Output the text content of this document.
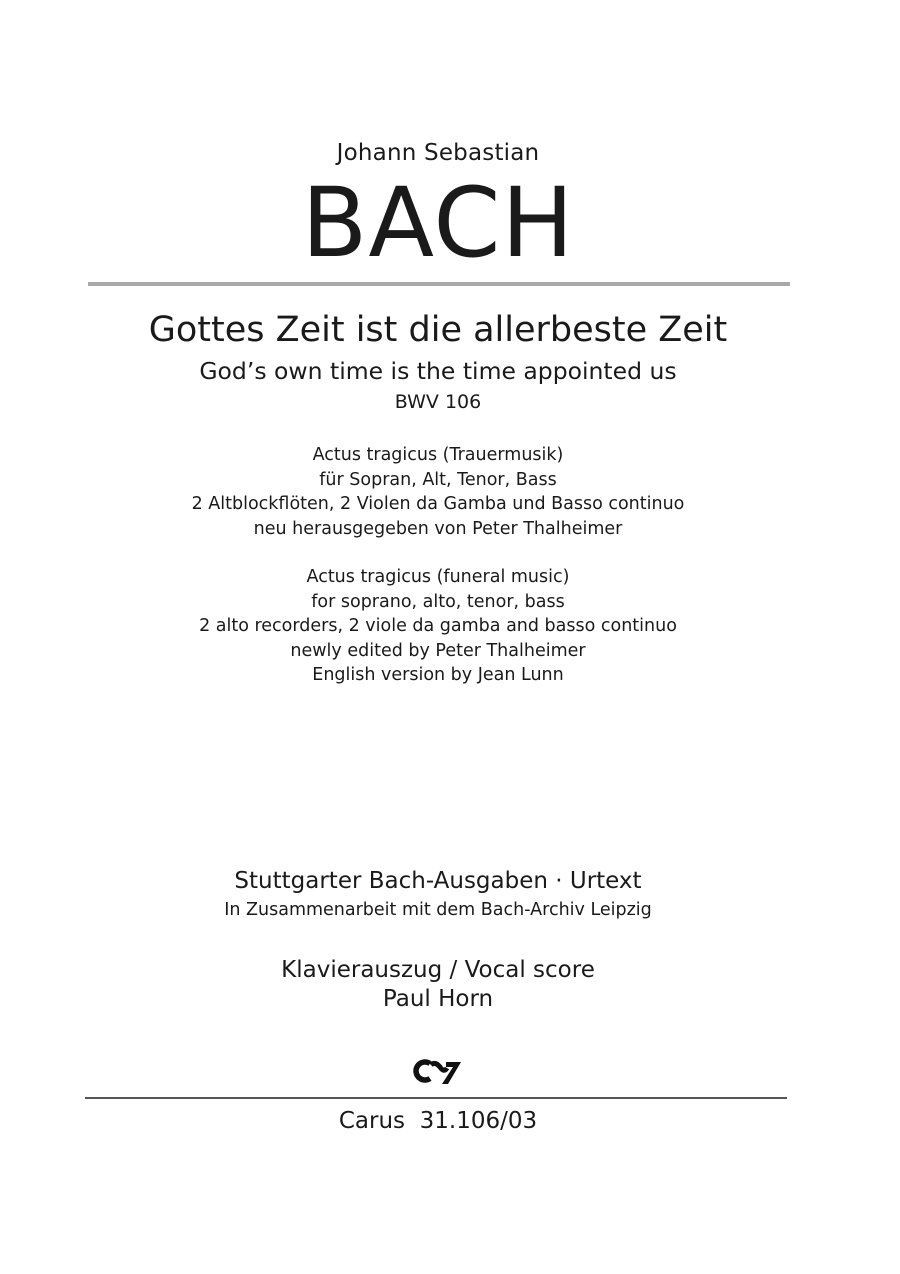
Johann Sebastian
BACH
Gottes Zeit ist die allerbeste Zeit
God’s own time is the time appointed us
BWV 106
Actus tragicus (Trauermusik)
für Sopran, Alt, Tenor, Bass
2 Altblockflöten, 2 Violen da Gamba und Basso continuo
neu herausgegeben von Peter Thalheimer
Actus tragicus (funeral music)
for soprano, alto, tenor, bass
2 alto recorders, 2 viole da gamba and basso continuo
newly edited by Peter Thalheimer
English version by Jean Lunn
Stuttgarter Bach-Ausgaben · Urtext
In Zusammenarbeit mit dem Bach-Archiv Leipzig
Klavierauszug / Vocal score
Paul Horn
Carus  31.106/03
